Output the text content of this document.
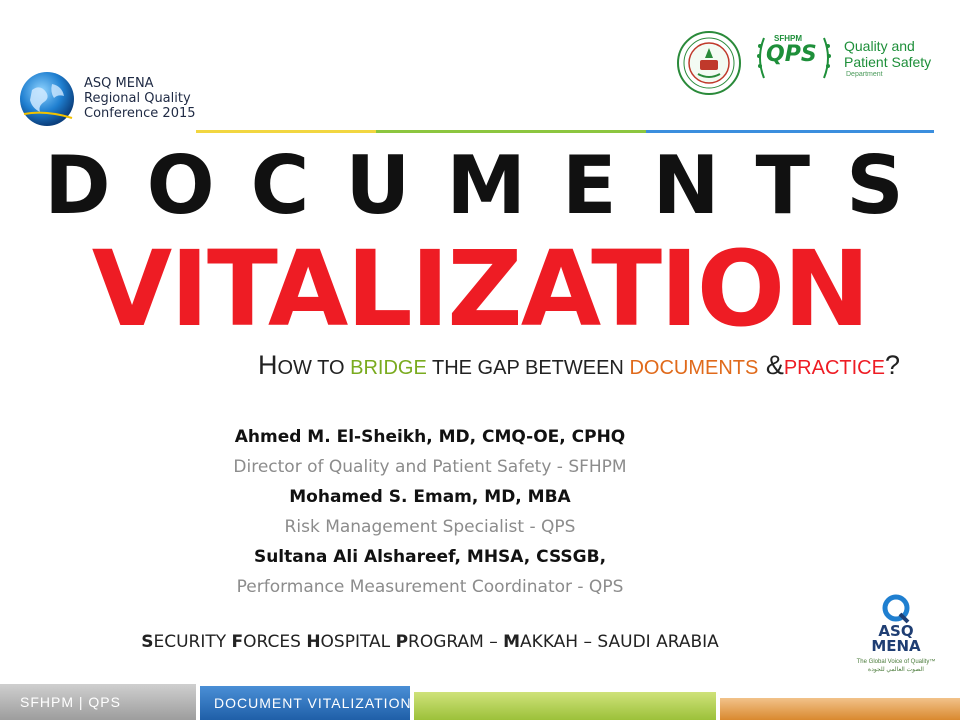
ASQ MENA
Regional Quality
Conference 2015
SFHPM
QPS Quality and
Patient Safety
Department
DOCUMENTS
VITALIZATION
HOW TO BRIDGE THE GAP BETWEEN DOCUMENTS &PRACTICE?
Ahmed M. El-Sheikh, MD, CMQ-OE, CPHQ
Director of Quality and Patient Safety - SFHPM
Mohamed S. Emam, MD, MBA
Risk Management Specialist - QPS
Sultana Ali Alshareef, MHSA, CSSGB,
Performance Measurement Coordinator - QPS
SECURITY FORCES HOSPITAL PROGRAM – MAKKAH – SAUDI ARABIA
ASQ
MENA
The Global Voice of Quality™
الصوت العالمي للجودة
SFHPM | QPS	DOCUMENT VITALIZATION
